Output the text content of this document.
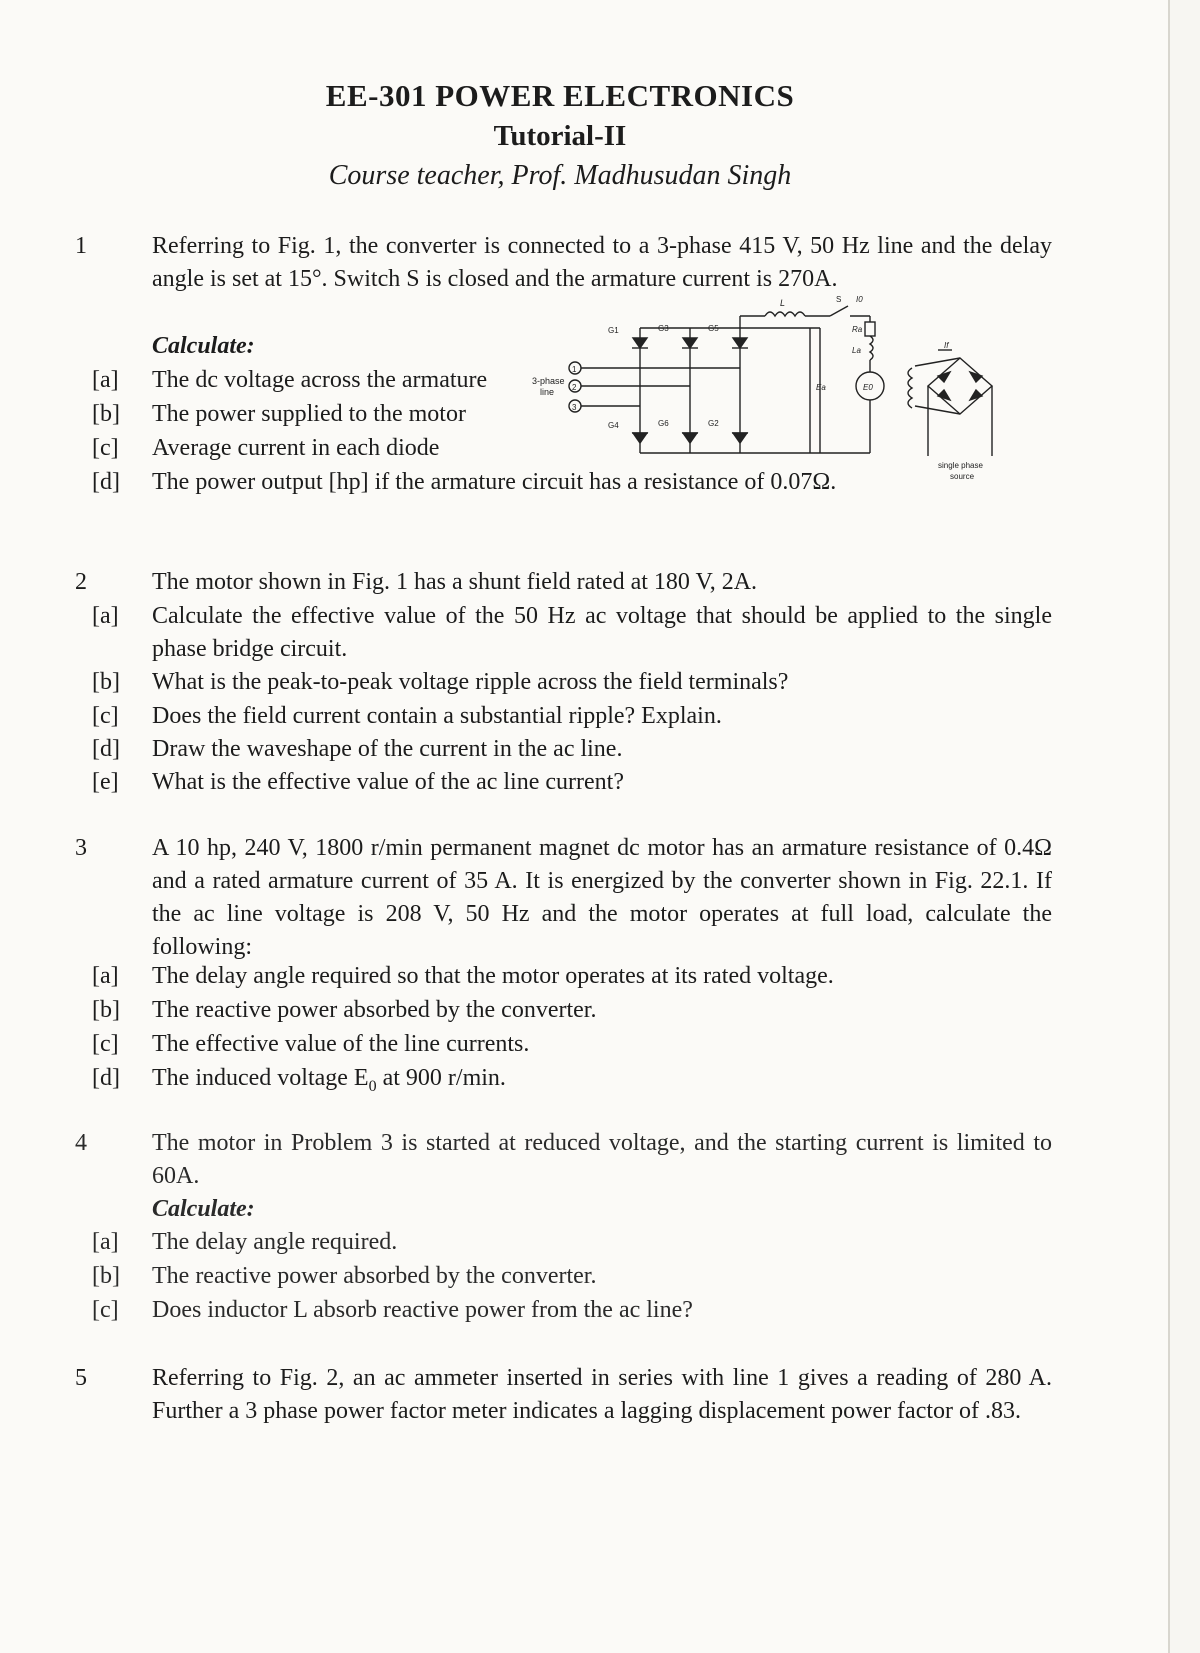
EE-301 POWER ELECTRONICS
Tutorial-II
Course teacher, Prof. Madhusudan Singh
1	Referring to Fig. 1, the converter is connected to a 3-phase 415 V, 50 Hz line and the delay angle is set at 15°. Switch S is closed and the armature current is 270A.
Calculate:
[a] The dc voltage across the armature
[b] The power supplied to the motor
[c] Average current in each diode
[d] The power output [hp] if the armature circuit has a resistance of 0.07Ω.
3-phase
line
1
2
3
G1	G3	G5
G4	G6	G2
L	S I0
Ra
La
E0
Ea
If
single phase
source
2	The motor shown in Fig. 1 has a shunt field rated at 180 V, 2A.
[a] Calculate the effective value of the 50 Hz ac voltage that should be applied to the single phase bridge circuit.
[b] What is the peak-to-peak voltage ripple across the field terminals?
[c] Does the field current contain a substantial ripple? Explain.
[d] Draw the waveshape of the current in the ac line.
[e] What is the effective value of the ac line current?
3	A 10 hp, 240 V, 1800 r/min permanent magnet dc motor has an armature resistance of 0.4Ω and a rated armature current of 35 A. It is energized by the converter shown in Fig. 22.1. If the ac line voltage is 208 V, 50 Hz and the motor operates at full load, calculate the following:
[a] The delay angle required so that the motor operates at its rated voltage.
[b] The reactive power absorbed by the converter.
[c] The effective value of the line currents.
[d] The induced voltage $E_0$ at 900 r/min.
4	The motor in Problem 3 is started at reduced voltage, and the starting current is limited to 60A.
Calculate:
[a] The delay angle required.
[b] The reactive power absorbed by the converter.
[c] Does inductor L absorb reactive power from the ac line?
5	Referring to Fig. 2, an ac ammeter inserted in series with line 1 gives a reading of 280 A. Further a 3 phase power factor meter indicates a lagging displacement power factor of .83.
